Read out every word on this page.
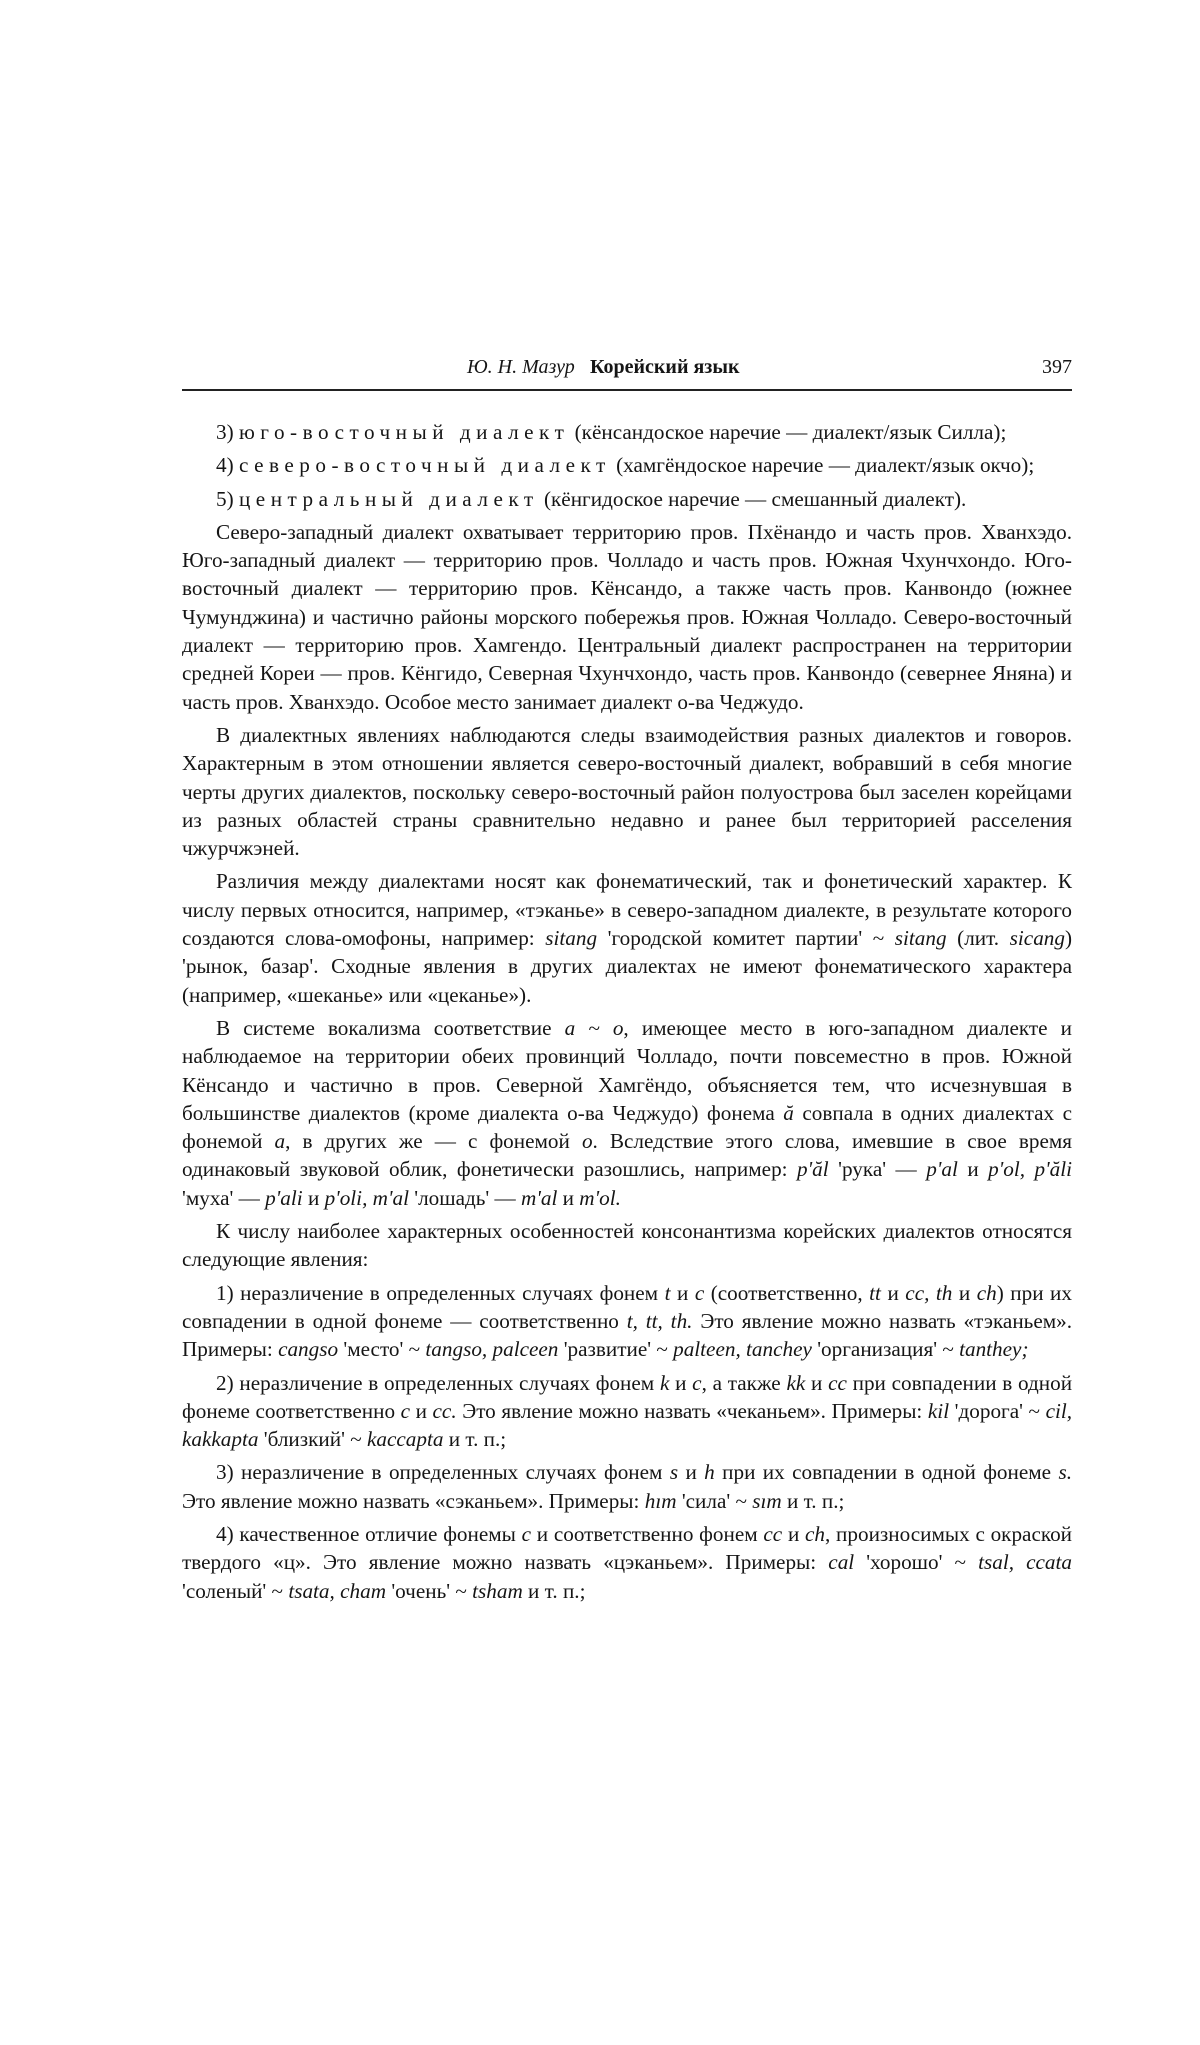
Ю. Н. Мазур Корейский язык	397

3) юго-восточный диалект (кёнсандоское наречие — диалект/язык Силла);

4) северо-восточный диалект (хамгёндоское наречие — диалект/язык окчо);

5) центральный диалект (кёнгидоское наречие — смешанный диалект).

Северо-западный диалект охватывает территорию пров. Пхёнандо и часть пров. Хванхэдо. Юго-западный диалект — территорию пров. Чолладо и часть пров. Южная Чхунчхондо. Юго-восточный диалект — территорию пров. Кёнсандо, а также часть пров. Канвондо (южнее Чумунджина) и частично районы морского побережья пров. Южная Чолладо. Северо-восточный диалект — территорию пров. Хамгендо. Центральный диалект распространен на территории средней Кореи — пров. Кёнгидо, Северная Чхунчхондо, часть пров. Канвондо (севернее Яняна) и часть пров. Хванхэдо. Особое место занимает диалект о-ва Чеджудо.

В диалектных явлениях наблюдаются следы взаимодействия разных диалектов и говоров. Характерным в этом отношении является северо-восточный диалект, вобравший в себя многие черты других диалектов, поскольку северо-восточный район полуострова был заселен корейцами из разных областей страны сравнительно недавно и ранее был территорией расселения чжурчжэней.

Различия между диалектами носят как фонематический, так и фонетический характер. К числу первых относится, например, «тэканье» в северо-западном диалекте, в результате которого создаются слова-омофоны, например: sitang 'городской комитет партии' ~ sitang (лит. sicang) 'рынок, базар'. Сходные явления в других диалектах не имеют фонематического характера (например, «шеканье» или «цеканье»).

В системе вокализма соответствие a ~ o, имеющее место в юго-западном диалекте и наблюдаемое на территории обеих провинций Чолладо, почти повсеместно в пров. Южной Кёнсандо и частично в пров. Северной Хамгёндо, объясняется тем, что исчезнувшая в большинстве диалектов (кроме диалекта о-ва Чеджудо) фонема ă совпала в одних диалектах с фонемой a, в других же — с фонемой o. Вследствие этого слова, имевшие в свое время одинаковый звуковой облик, фонетически разошлись, например: p'ăl 'рука' — p'al и p'ol, p'ăli 'муха' — p'ali и p'oli, m'al 'лошадь' — m'al и m'ol.

К числу наиболее характерных особенностей консонантизма корейских диалектов относятся следующие явления:

1) неразличение в определенных случаях фонем t и c (соответственно, tt и cc, th и ch) при их совпадении в одной фонеме — соответственно t, tt, th. Это явление можно назвать «тэканьем». Примеры: cangso 'место' ~ tangso, palceen 'развитие' ~ palteen, tanchey 'организация' ~ tanthey;

2) неразличение в определенных случаях фонем k и c, а также kk и cc при совпадении в одной фонеме соответственно c и cc. Это явление можно назвать «чеканьем». Примеры: kil 'дорога' ~ cil, kakkapta 'близкий' ~ kaccapta и т. п.;

3) неразличение в определенных случаях фонем s и h при их совпадении в одной фонеме s. Это явление можно назвать «сэканьем». Примеры: hım 'сила' ~ sım и т. п.;

4) качественное отличие фонемы c и соответственно фонем cc и ch, произносимых с окраской твердого «ц». Это явление можно назвать «цэканьем». Примеры: cal 'хорошо' ~ tsal, ccata 'соленый' ~ tsata, cham 'очень' ~ tsham и т. п.;
